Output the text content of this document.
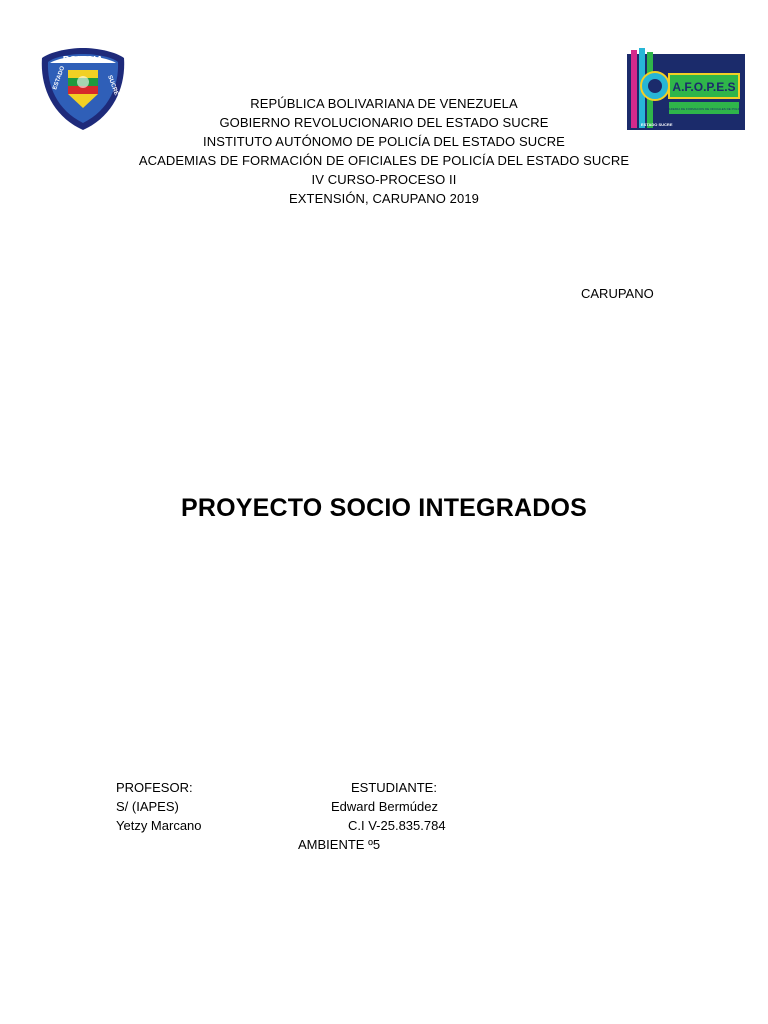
POLICIA
ESTADO	SUCRE	A.F.O.P.E.S
ACADEMIA DE FORMACION DE OFICIALES DE POLICIA
ESTADO SUCRE
REPÚBLICA BOLIVARIANA DE VENEZUELA
GOBIERNO REVOLUCIONARIO DEL ESTADO SUCRE
INSTITUTO AUTÓNOMO DE POLICÍA DEL ESTADO SUCRE
ACADEMIAS DE FORMACIÓN DE OFICIALES DE POLICÍA DEL ESTADO SUCRE
IV CURSO-PROCESO II
EXTENSIÓN, CARUPANO 2019
CARUPANO
PROYECTO SOCIO INTEGRADOS
PROFESOR:
S/ (IAPES)
Yetzy Marcano
ESTUDIANTE:
Edward Bermúdez
C.I V-25.835.784
AMBIENTE º5
